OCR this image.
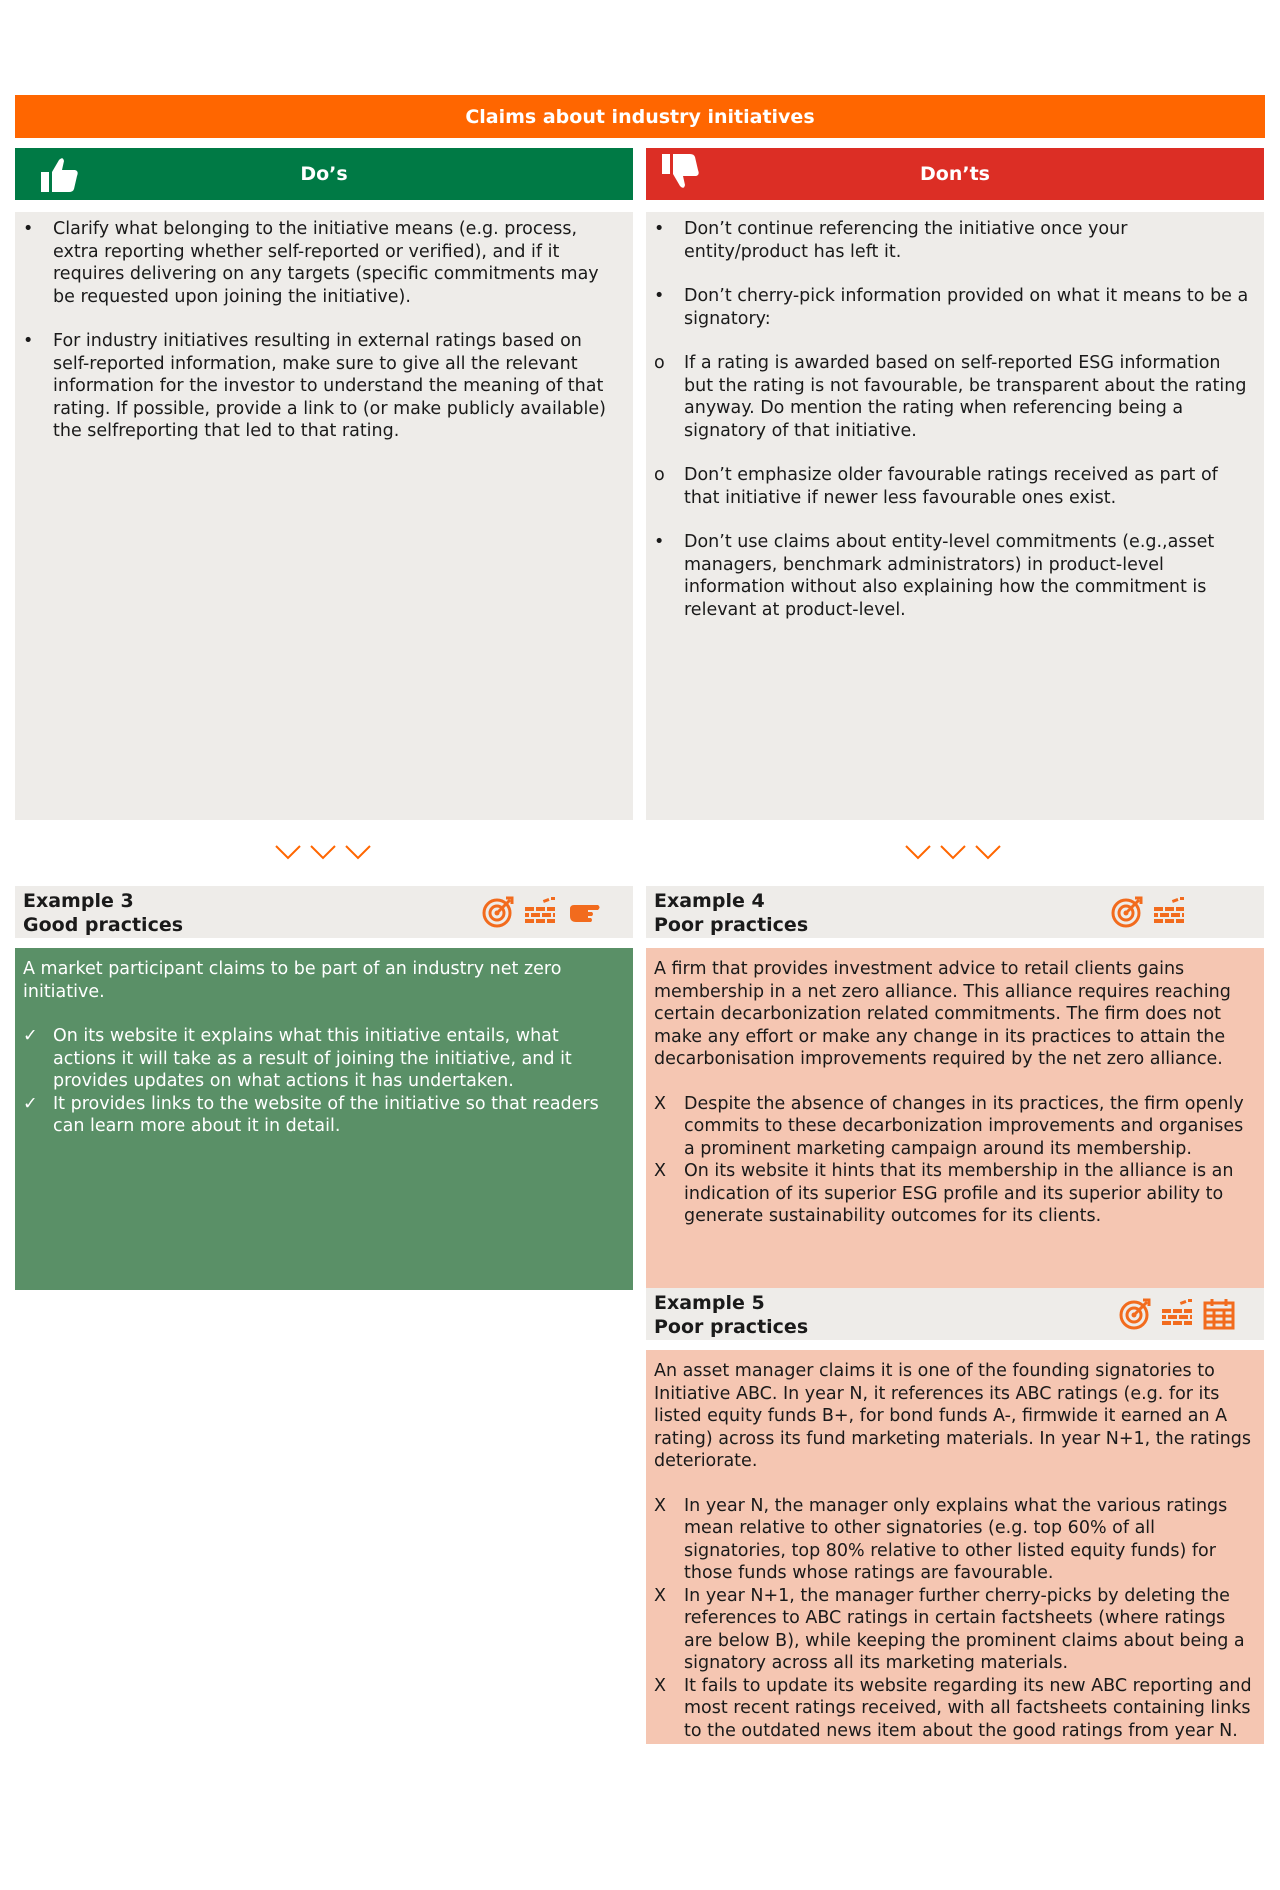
Claims about industry initiatives
Do’s	Don’ts
•	Clarify what belonging to the initiative means (e.g. process, extra reporting whether self-reported or verified), and if it requires delivering on any targets (specific commitments may be requested upon joining the initiative).
•	For industry initiatives resulting in external ratings based on self-reported information, make sure to give all the relevant information for the investor to understand the meaning of that rating. If possible, provide a link to (or make publicly available) the selfreporting that led to that rating.
•	Don’t continue referencing the initiative once your entity/product has left it.
•	Don’t cherry-pick information provided on what it means to be a signatory:
o	If a rating is awarded based on self-reported ESG information but the rating is not favourable, be transparent about the rating anyway. Do mention the rating when referencing being a signatory of that initiative.
o	Don’t emphasize older favourable ratings received as part of that initiative if newer less favourable ones exist.
•	Don’t use claims about entity-level commitments (e.g.,asset managers, benchmark administrators) in product-level information without also explaining how the commitment is relevant at product-level.
Example 3
Good practices
A market participant claims to be part of an industry net zero initiative.
✓ On its website it explains what this initiative entails, what actions it will take as a result of joining the initiative, and it provides updates on what actions it has undertaken.
✓ It provides links to the website of the initiative so that readers can learn more about it in detail.
Example 4
Poor practices
A firm that provides investment advice to retail clients gains membership in a net zero alliance. This alliance requires reaching certain decarbonization related commitments. The firm does not make any effort or make any change in its practices to attain the decarbonisation improvements required by the net zero alliance.
X	Despite the absence of changes in its practices, the firm openly commits to these decarbonization improvements and organises a prominent marketing campaign around its membership.
X	On its website it hints that its membership in the alliance is an indication of its superior ESG profile and its superior ability to generate sustainability outcomes for its clients.
Example 5
Poor practices
An asset manager claims it is one of the founding signatories to Initiative ABC. In year N, it references its ABC ratings (e.g. for its listed equity funds B+, for bond funds A-, firmwide it earned an A rating) across its fund marketing materials. In year N+1, the ratings deteriorate.
X	In year N, the manager only explains what the various ratings mean relative to other signatories (e.g. top 60% of all signatories, top 80% relative to other listed equity funds) for those funds whose ratings are favourable.
X	In year N+1, the manager further cherry-picks by deleting the references to ABC ratings in certain factsheets (where ratings are below B), while keeping the prominent claims about being a signatory across all its marketing materials.
X	It fails to update its website regarding its new ABC reporting and most recent ratings received, with all factsheets containing links to the outdated news item about the good ratings from year N.
